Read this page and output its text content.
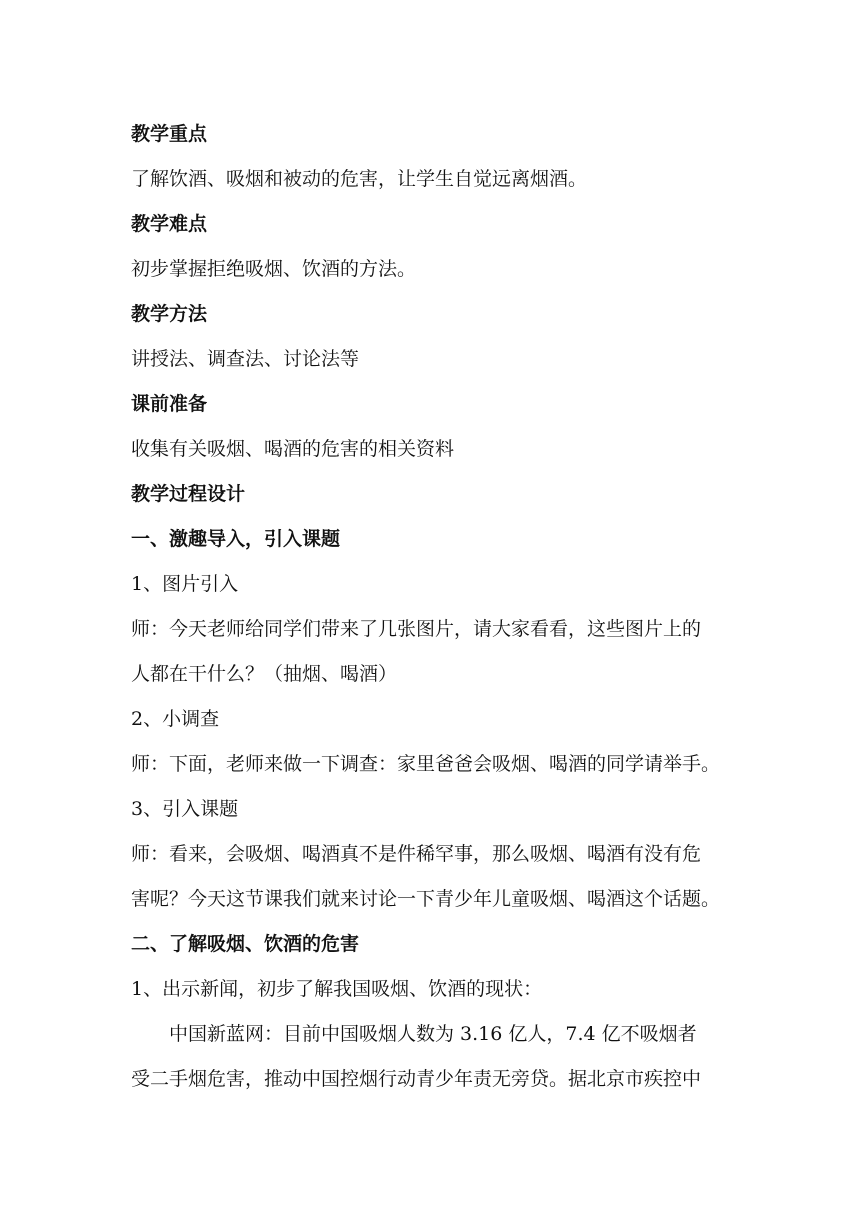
教学重点

了解饮酒、吸烟和被动的危害，让学生自觉远离烟酒。

教学难点

初步掌握拒绝吸烟、饮酒的方法。

教学方法

讲授法、调查法、讨论法等

课前准备

收集有关吸烟、喝酒的危害的相关资料

教学过程设计

一、激趣导入，引入课题

1、图片引入

师：今天老师给同学们带来了几张图片，请大家看看，这些图片上的

人都在干什么？（抽烟、喝酒）

2、小调查

师：下面，老师来做一下调查：家里爸爸会吸烟、喝酒的同学请举手。

3、引入课题

师：看来，会吸烟、喝酒真不是件稀罕事，那么吸烟、喝酒有没有危

害呢？今天这节课我们就来讨论一下青少年儿童吸烟、喝酒这个话题。

二、了解吸烟、饮酒的危害

1、出示新闻，初步了解我国吸烟、饮酒的现状：

中国新蓝网：目前中国吸烟人数为 3.16 亿人，7.4 亿不吸烟者

受二手烟危害，推动中国控烟行动青少年责无旁贷。据北京市疾控中
